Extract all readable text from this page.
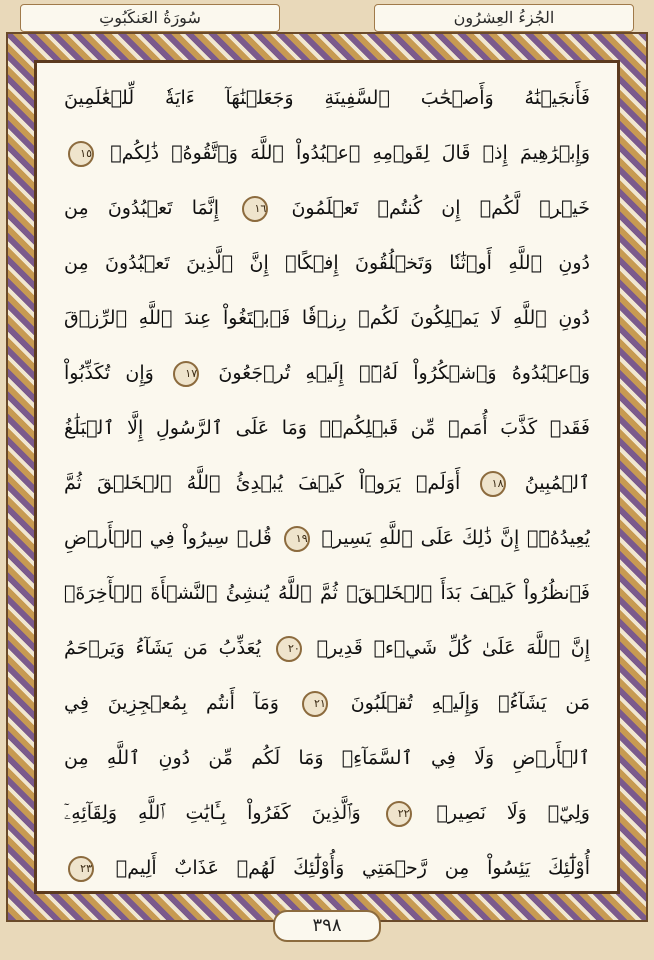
سُورَةُ العَنكَبُوتِ	الجُزءُ العِشرُون
فَأَنجَيۡنَٰهُ وَأَصۡحَٰبَ ٱلسَّفِينَةِ وَجَعَلۡنَٰهَآ ءَايَةٗ لِّلۡعَٰلَمِينَ
وَإِبۡرَٰهِيمَ إِذۡ قَالَ لِقَوۡمِهِ ٱعۡبُدُواْ ٱللَّهَ وَٱتَّقُوهُۖ ذَٰلِكُمۡ ١٥
خَيۡرٞ لَّكُمۡ إِن كُنتُمۡ تَعۡلَمُونَ ١٦ إِنَّمَا تَعۡبُدُونَ مِن
دُونِ ٱللَّهِ أَوۡثَٰنٗا وَتَخۡلُقُونَ إِفۡكًاۚ إِنَّ ٱلَّذِينَ تَعۡبُدُونَ مِن
دُونِ ٱللَّهِ لَا يَمۡلِكُونَ لَكُمۡ رِزۡقٗا فَٱبۡتَغُواْ عِندَ ٱللَّهِ ٱلرِّزۡقَ
وَٱعۡبُدُوهُ وَٱشۡكُرُواْ لَهُۥٓۖ إِلَيۡهِ تُرۡجَعُونَ ١٧ وَإِن تُكَذِّبُواْ
فَقَدۡ كَذَّبَ أُمَمٞ مِّن قَبۡلِكُمۡۖ وَمَا عَلَى ٱلرَّسُولِ إِلَّا ٱلۡبَلَٰغُ
ٱلۡمُبِينُ ١٨ أَوَلَمۡ يَرَوۡاْ كَيۡفَ يُبۡدِئُ ٱللَّهُ ٱلۡخَلۡقَ ثُمَّ
يُعِيدُهُۥٓۚ إِنَّ ذَٰلِكَ عَلَى ٱللَّهِ يَسِيرٞ ١٩ قُلۡ سِيرُواْ فِي ٱلۡأَرۡضِ
فَٱنظُرُواْ كَيۡفَ بَدَأَ ٱلۡخَلۡقَۚ ثُمَّ ٱللَّهُ يُنشِئُ ٱلنَّشۡأَةَ ٱلۡأٓخِرَةَۚ
إِنَّ ٱللَّهَ عَلَىٰ كُلِّ شَيۡءٖ قَدِيرٞ ٢٠ يُعَذِّبُ مَن يَشَآءُ وَيَرۡحَمُ
مَن يَشَآءُۖ وَإِلَيۡهِ تُقۡلَبُونَ ٢١ وَمَآ أَنتُم بِمُعۡجِزِينَ فِي
ٱلۡأَرۡضِ وَلَا فِي ٱلسَّمَآءِۖ وَمَا لَكُم مِّن دُونِ ٱللَّهِ مِن
وَلِيّٖ وَلَا نَصِيرٖ ٢٢ وَٱلَّذِينَ كَفَرُواْ بِـَٔايَٰتِ ٱللَّهِ وَلِقَآئِهِۦٓ
أُوْلَٰٓئِكَ يَئِسُواْ مِن رَّحۡمَتِي وَأُوْلَٰٓئِكَ لَهُمۡ عَذَابٌ أَلِيمٞ ٢٣
٣٩٨
